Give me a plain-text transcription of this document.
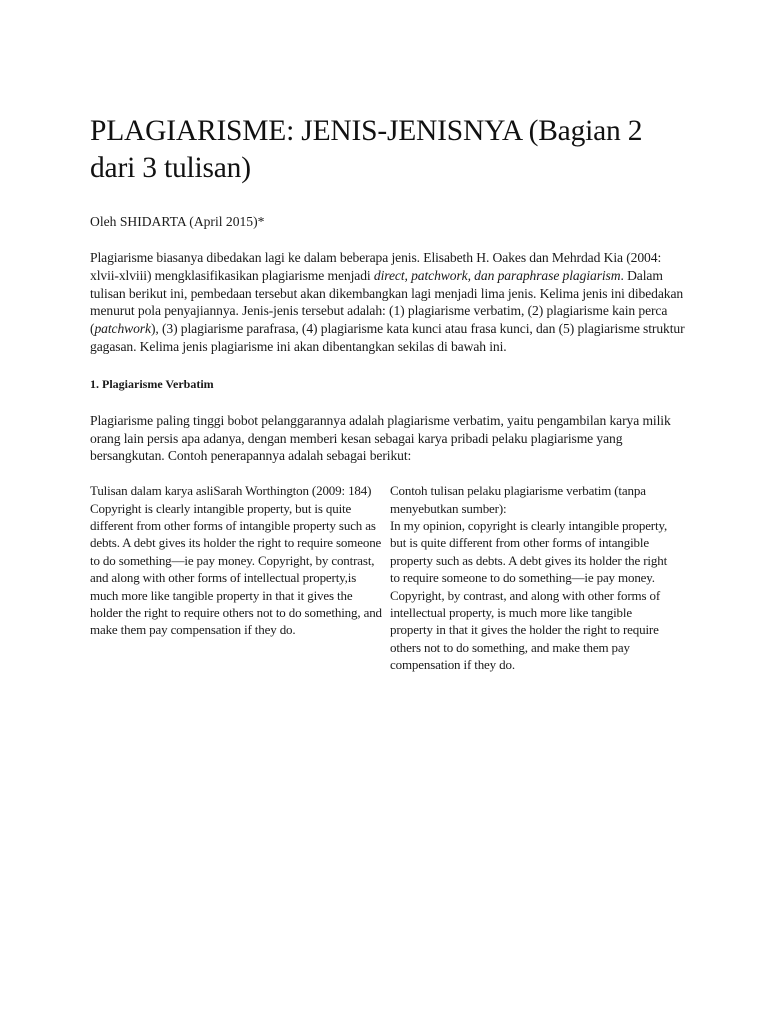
PLAGIARISME: JENIS-JENISNYA (Bagian 2 dari 3 tulisan)

Oleh SHIDARTA (April 2015)*

Plagiarisme biasanya dibedakan lagi ke dalam beberapa jenis. Elisabeth H. Oakes dan Mehrdad Kia (2004: xlvii-xlviii) mengklasifikasikan plagiarisme menjadi direct, patchwork, dan paraphrase plagiarism. Dalam tulisan berikut ini, pembedaan tersebut akan dikembangkan lagi menjadi lima jenis. Kelima jenis ini dibedakan menurut pola penyajiannya. Jenis-jenis tersebut adalah: (1) plagiarisme verbatim, (2) plagiarisme kain perca (patchwork), (3) plagiarisme parafrasa, (4) plagiarisme kata kunci atau frasa kunci, dan (5) plagiarisme struktur gagasan. Kelima jenis plagiarisme ini akan dibentangkan sekilas di bawah ini.

1. Plagiarisme Verbatim

Plagiarisme paling tinggi bobot pelanggarannya adalah plagiarisme verbatim, yaitu pengambilan karya milik orang lain persis apa adanya, dengan memberi kesan sebagai karya pribadi pelaku plagiarisme yang bersangkutan. Contoh penerapannya adalah sebagai berikut:

Tulisan dalam karya asliSarah Worthington (2009: 184)
Copyright is clearly intangible property, but is quite different from other forms of intangible property such as debts. A debt gives its holder the right to require someone to do something—ie pay money. Copyright, by contrast, and along with other forms of intellectual property,is much more like tangible property in that it gives the holder the right to require others not to do something, and make them pay compensation if they do.
Contoh tulisan pelaku plagiarisme verbatim (tanpa menyebutkan sumber):
In my opinion, copyright is clearly intangible property, but is quite different from other forms of intangible property such as debts. A debt gives its holder the right to require someone to do something—ie pay money. Copyright, by contrast, and along with other forms of intellectual property, is much more like tangible property in that it gives the holder the right to require others not to do something, and make them pay compensation if they do.
